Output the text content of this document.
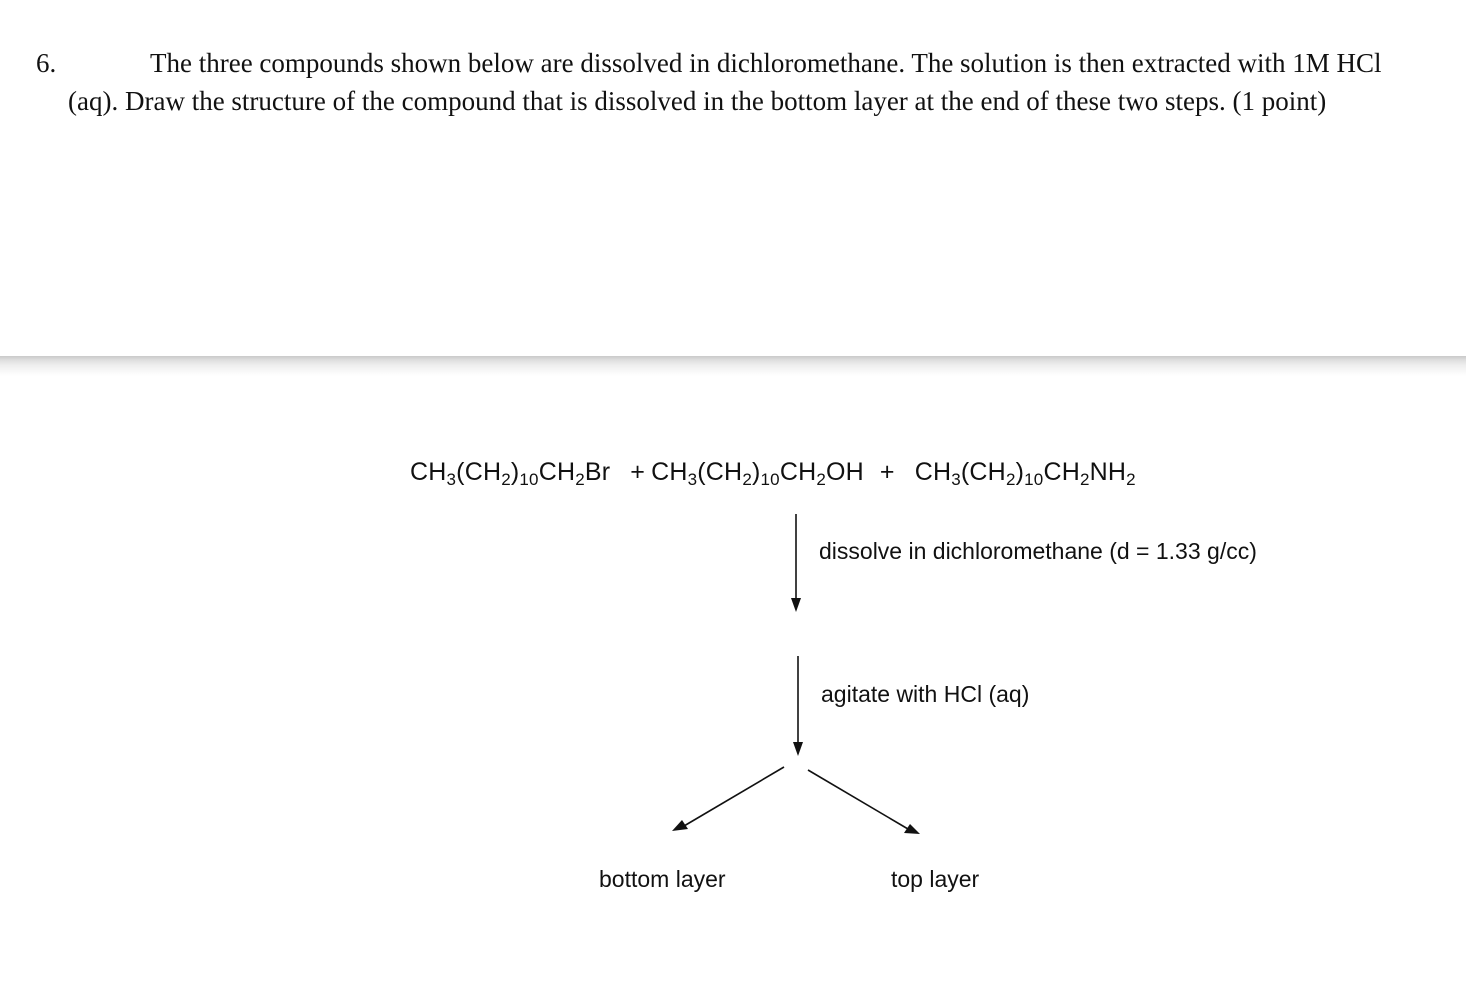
6.	The three compounds shown below are dissolved in dichloromethane. The solution is then extracted with 1M HCl
(aq). Draw the structure of the compound that is dissolved in the bottom layer at the end of these two steps. (1 point)
$CH_3(CH_2)_{10}CH_2Br + CH_3(CH_2)_{10}CH_2OH + CH_3(CH_2)_{10}CH_2NH_2$
dissolve in dichloromethane (d = 1.33 g/cc)
agitate with HCl (aq)
bottom layer	top layer
